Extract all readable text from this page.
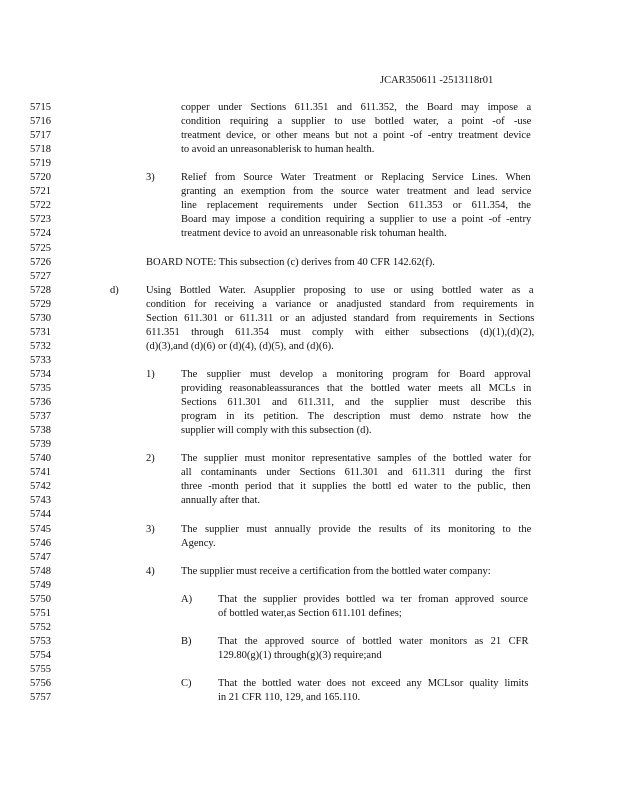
JCAR350611 -2513118r01
5715
5716
5717
5718
5719
5720
5721
5722
5723
5724
5725
5726
5727
5728
5729
5730
5731
5732
5733
5734
5735
5736
5737
5738
5739
5740
5741
5742
5743
5744
5745
5746
5747
5748
5749
5750
5751
5752
5753
5754
5755
5756
5757
copper under Sections 611.351 and 611.352, the Board may impose a
condition requiring a supplier to use bottled water, a point -of -use
treatment device, or other means but not a point -of -entry treatment device
to avoid an unreasonablerisk to human health.
3)	Relief from Source Water Treatment or Replacing Service Lines. When
granting an exemption from the source water treatment and lead service
line replacement requirements under Section 611.353 or 611.354, the
Board may impose a condition requiring a supplier to use a point -of -entry
treatment device to avoid an unreasonable risk tohuman health.
BOARD NOTE: This subsection (c) derives from 40 CFR 142.62(f).
d)	Using Bottled Water. Asupplier proposing to use or using bottled water as a
condition for receiving a variance or anadjusted standard from requirements in
Section 611.301 or 611.311 or an adjusted standard from requirements in Sections
611.351 through 611.354 must comply with either subsections (d)(1),(d)(2),
(d)(3),and (d)(6) or (d)(4), (d)(5), and (d)(6).
1)	The supplier must develop a monitoring program for Board approval
providing reasonableassurances that the bottled water meets all MCLs in
Sections 611.301 and 611.311, and the supplier must describe this
program in its petition. The description must demo nstrate how the
supplier will comply with this subsection (d).
2)	The supplier must monitor representative samples of the bottled water for
all contaminants under Sections 611.301 and 611.311 during the first
three -month period that it supplies the bottl ed water to the public, then
annually after that.
3)	The supplier must annually provide the results of its monitoring to the
Agency.
4)	The supplier must receive a certification from the bottled water company:
A) That the supplier provides bottled wa ter froman approved source
of bottled water,as Section 611.101 defines;
B)	That the approved source of bottled water monitors as 21 CFR
129.80(g)(1) through(g)(3) require;and
C)	That the bottled water does not exceed any MCLsor quality limits
in 21 CFR 110, 129, and 165.110.
